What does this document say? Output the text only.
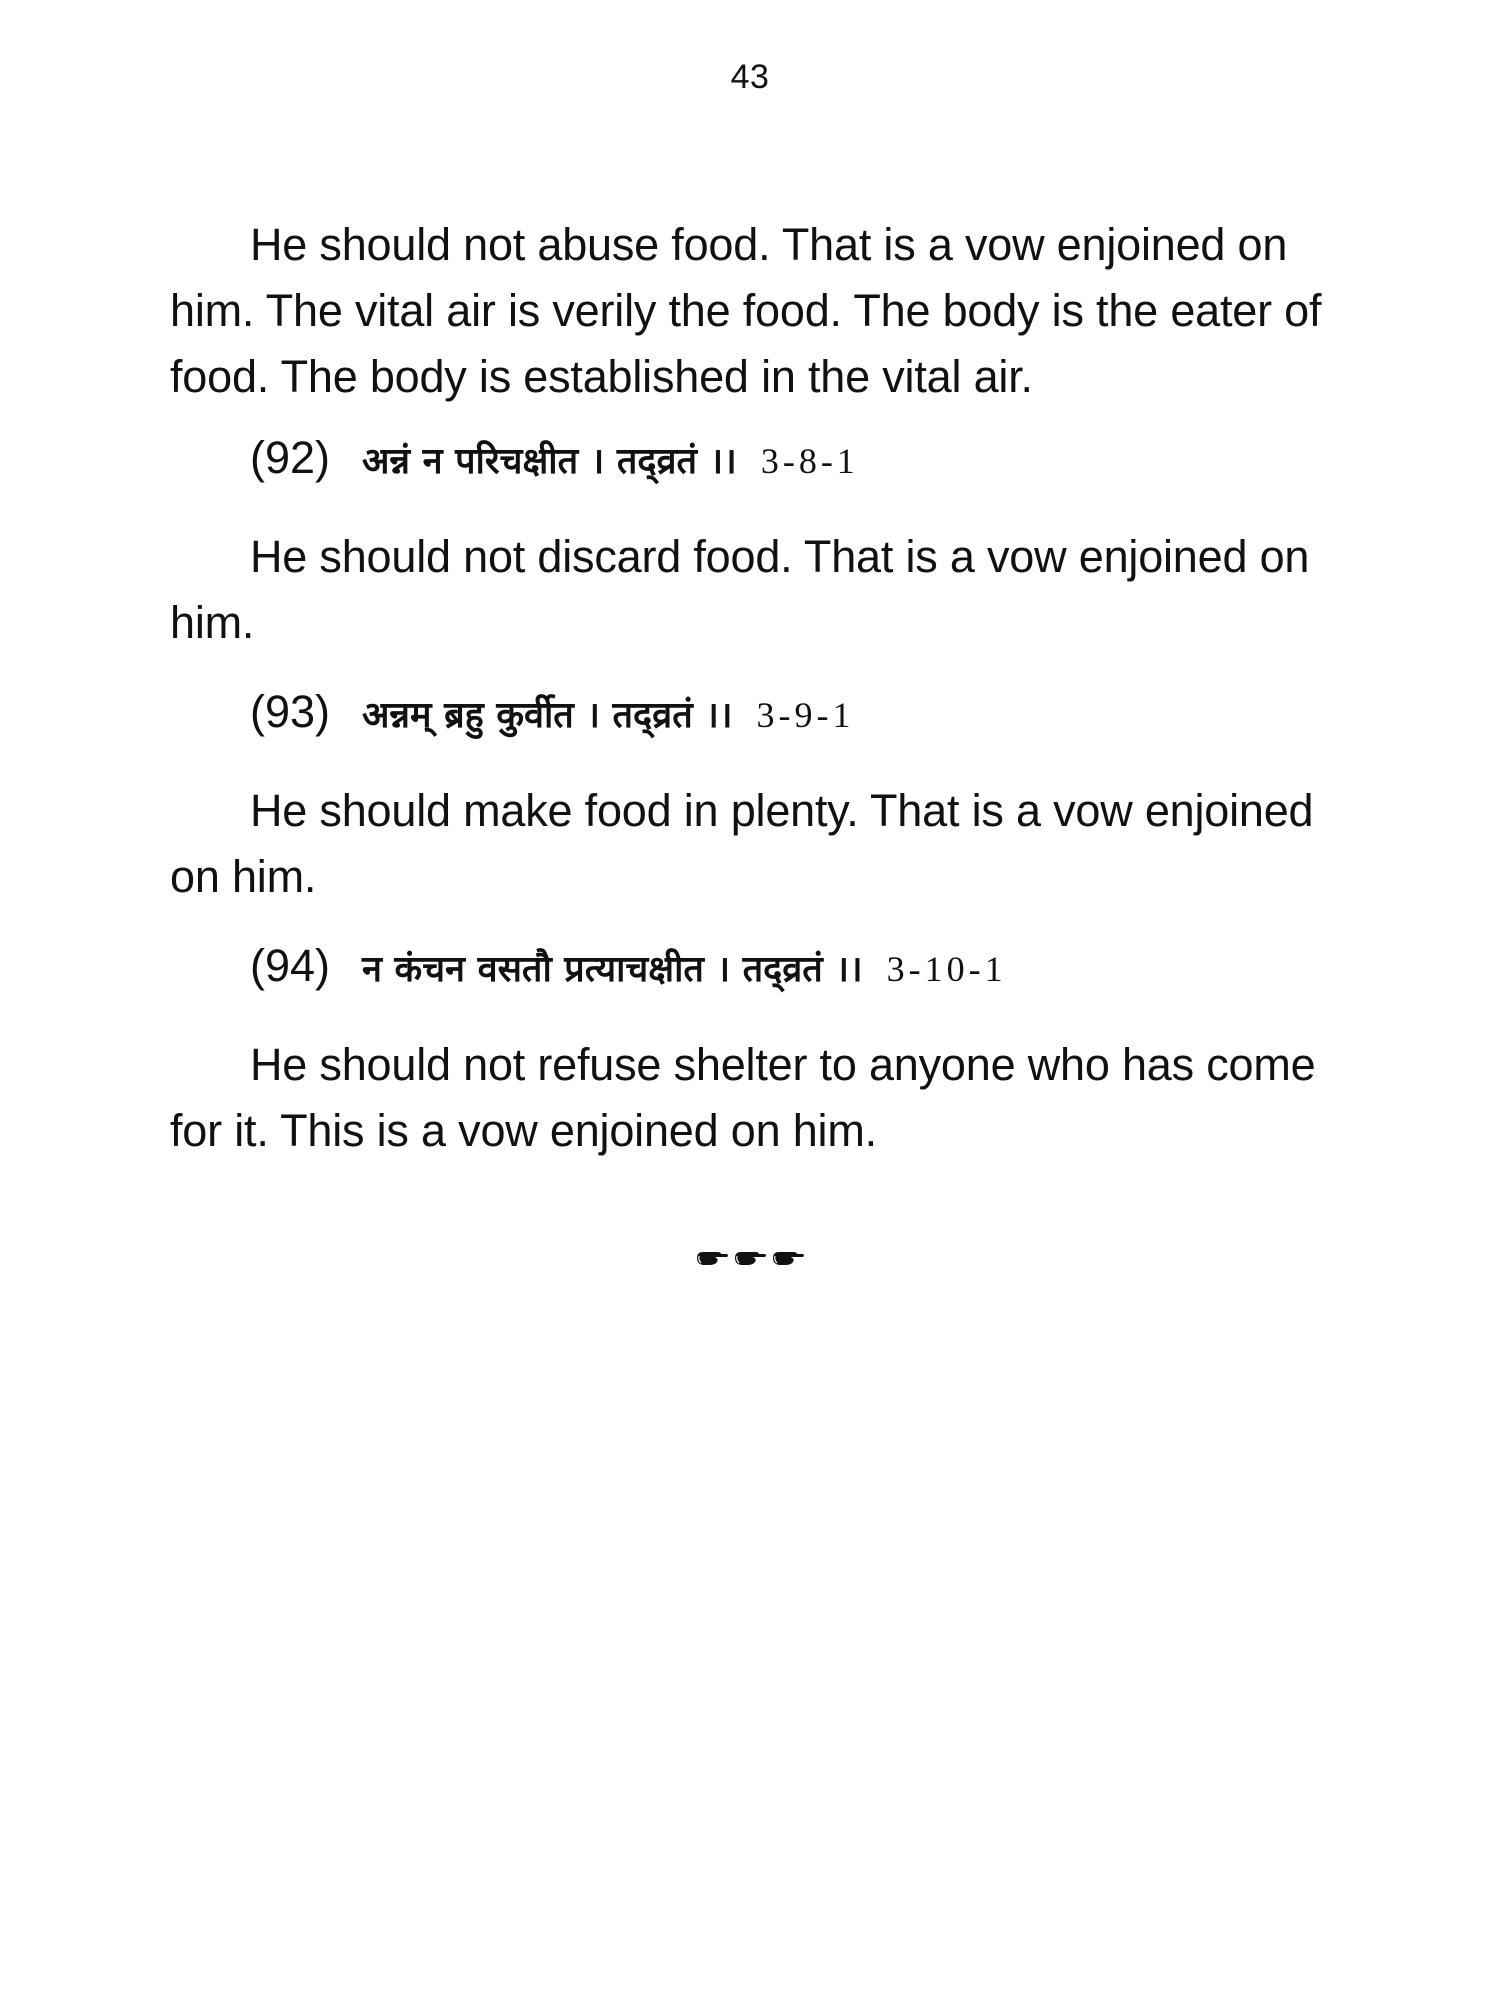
43

He should not abuse food. That is a vow enjoined on him. The vital air is verily the food. The body is the eater of food. The body is established in the vital air.

(92) अन्नं न परिचक्षीत । तद्व्रतं ।। 3-8-1

He should not discard food. That is a vow enjoined on him.

(93) अन्नम् ब्रहु कुर्वीत । तद्व्रतं ।। 3-9-1

He should make food in plenty. That is a vow enjoined on him.

(94) न कंचन वसतौ प्रत्याचक्षीत । तद्व्रतं ।। 3-10-1

He should not refuse shelter to anyone who has come for it. This is a vow enjoined on him.
